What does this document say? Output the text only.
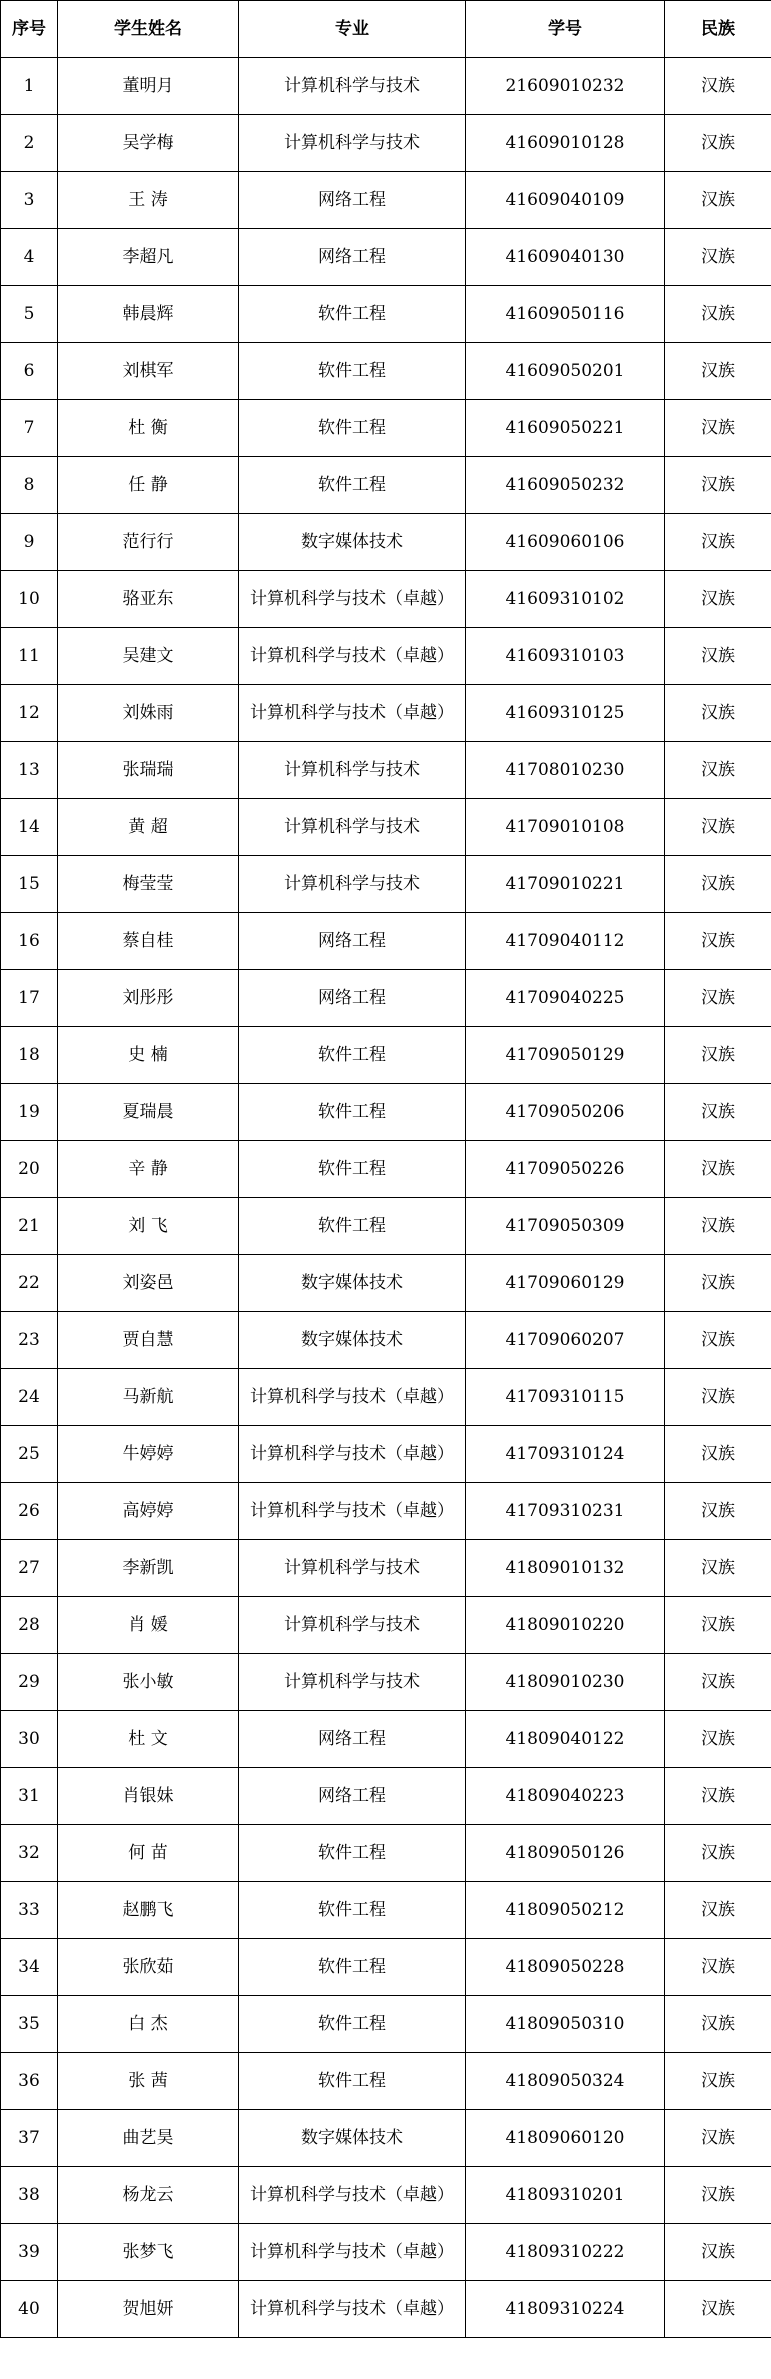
序号	学生姓名	专业	学号	民族
1	董明月	计算机科学与技术	21609010232	汉族
2	吴学梅	计算机科学与技术	41609010128	汉族
3	王 涛	网络工程	41609040109	汉族
4	李超凡	网络工程	41609040130	汉族
5	韩晨辉	软件工程	41609050116	汉族
6	刘棋军	软件工程	41609050201	汉族
7	杜 衡	软件工程	41609050221	汉族
8	任 静	软件工程	41609050232	汉族
9	范行行	数字媒体技术	41609060106	汉族
10	骆亚东	计算机科学与技术（卓越）	41609310102	汉族
11	吴建文	计算机科学与技术（卓越）	41609310103	汉族
12	刘姝雨	计算机科学与技术（卓越）	41609310125	汉族
13	张瑞瑞	计算机科学与技术	41708010230	汉族
14	黄 超	计算机科学与技术	41709010108	汉族
15	梅莹莹	计算机科学与技术	41709010221	汉族
16	蔡自桂	网络工程	41709040112	汉族
17	刘彤彤	网络工程	41709040225	汉族
18	史 楠	软件工程	41709050129	汉族
19	夏瑞晨	软件工程	41709050206	汉族
20	辛 静	软件工程	41709050226	汉族
21	刘 飞	软件工程	41709050309	汉族
22	刘姿邑	数字媒体技术	41709060129	汉族
23	贾自慧	数字媒体技术	41709060207	汉族
24	马新航	计算机科学与技术（卓越）	41709310115	汉族
25	牛婷婷	计算机科学与技术（卓越）	41709310124	汉族
26	高婷婷	计算机科学与技术（卓越）	41709310231	汉族
27	李新凯	计算机科学与技术	41809010132	汉族
28	肖 媛	计算机科学与技术	41809010220	汉族
29	张小敏	计算机科学与技术	41809010230	汉族
30	杜 文	网络工程	41809040122	汉族
31	肖银妹	网络工程	41809040223	汉族
32	何 苗	软件工程	41809050126	汉族
33	赵鹏飞	软件工程	41809050212	汉族
34	张欣茹	软件工程	41809050228	汉族
35	白 杰	软件工程	41809050310	汉族
36	张 茜	软件工程	41809050324	汉族
37	曲艺昊	数字媒体技术	41809060120	汉族
38	杨龙云	计算机科学与技术（卓越）	41809310201	汉族
39	张梦飞	计算机科学与技术（卓越）	41809310222	汉族
40	贺旭妍	计算机科学与技术（卓越）	41809310224	汉族
